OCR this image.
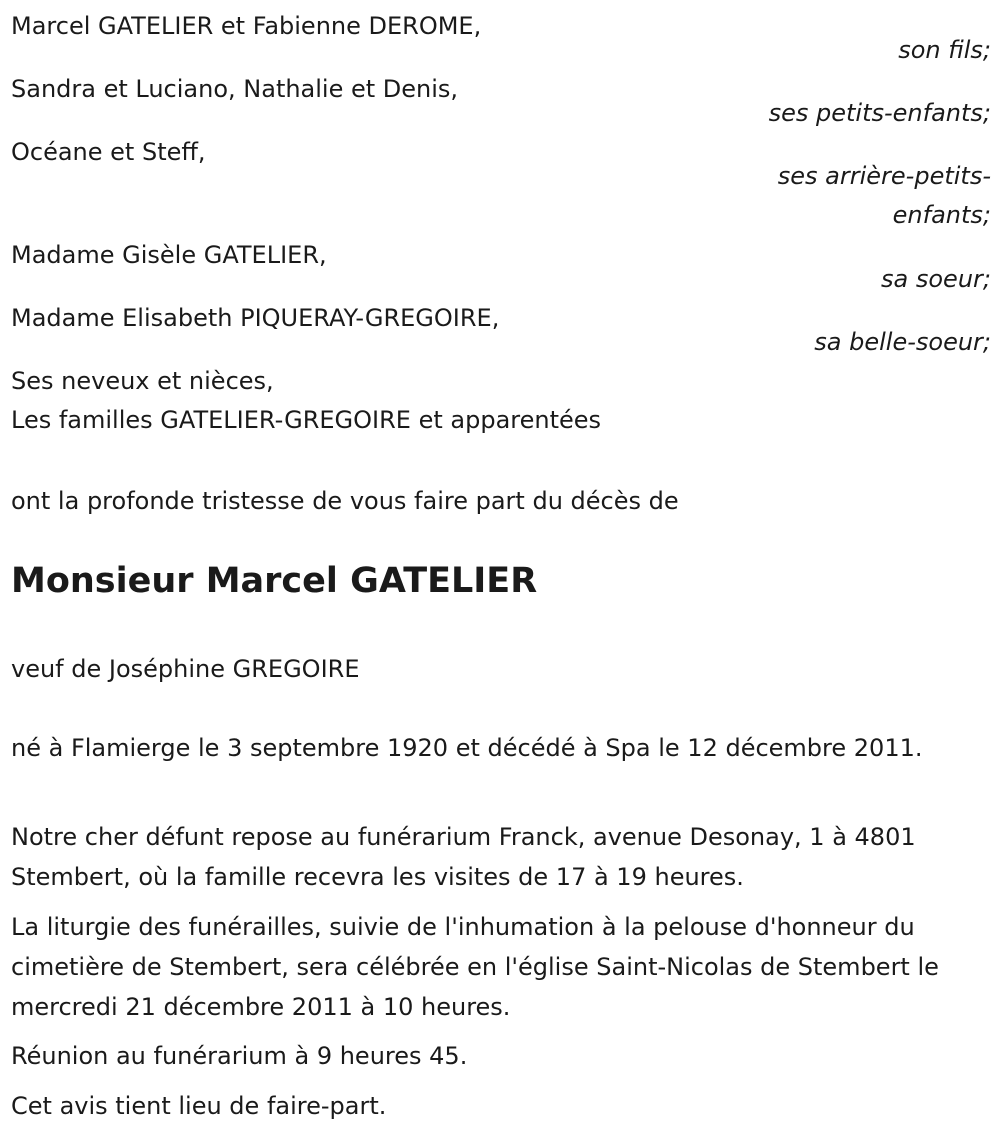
Marcel GATELIER et Fabienne DEROME,
son fils;
Sandra et Luciano, Nathalie et Denis,
ses petits-enfants;
Océane et Steff,
ses arrière-petits-
enfants;
Madame Gisèle GATELIER,
sa soeur;
Madame Elisabeth PIQUERAY-GREGOIRE,
sa belle-soeur;
Ses neveux et nièces,
Les familles GATELIER-GREGOIRE et apparentées
ont la profonde tristesse de vous faire part du décès de
Monsieur Marcel GATELIER
veuf de Joséphine GREGOIRE
né à Flamierge le 3 septembre 1920 et décédé à Spa le 12 décembre 2011.
Notre cher défunt repose au funérarium Franck, avenue Desonay, 1 à 4801 Stembert, où la famille recevra les visites de 17 à 19 heures.
La liturgie des funérailles, suivie de l'inhumation à la pelouse d'honneur du cimetière de Stembert, sera célébrée en l'église Saint-Nicolas de Stembert le mercredi 21 décembre 2011 à 10 heures.
Réunion au funérarium à 9 heures 45.
Cet avis tient lieu de faire-part.
